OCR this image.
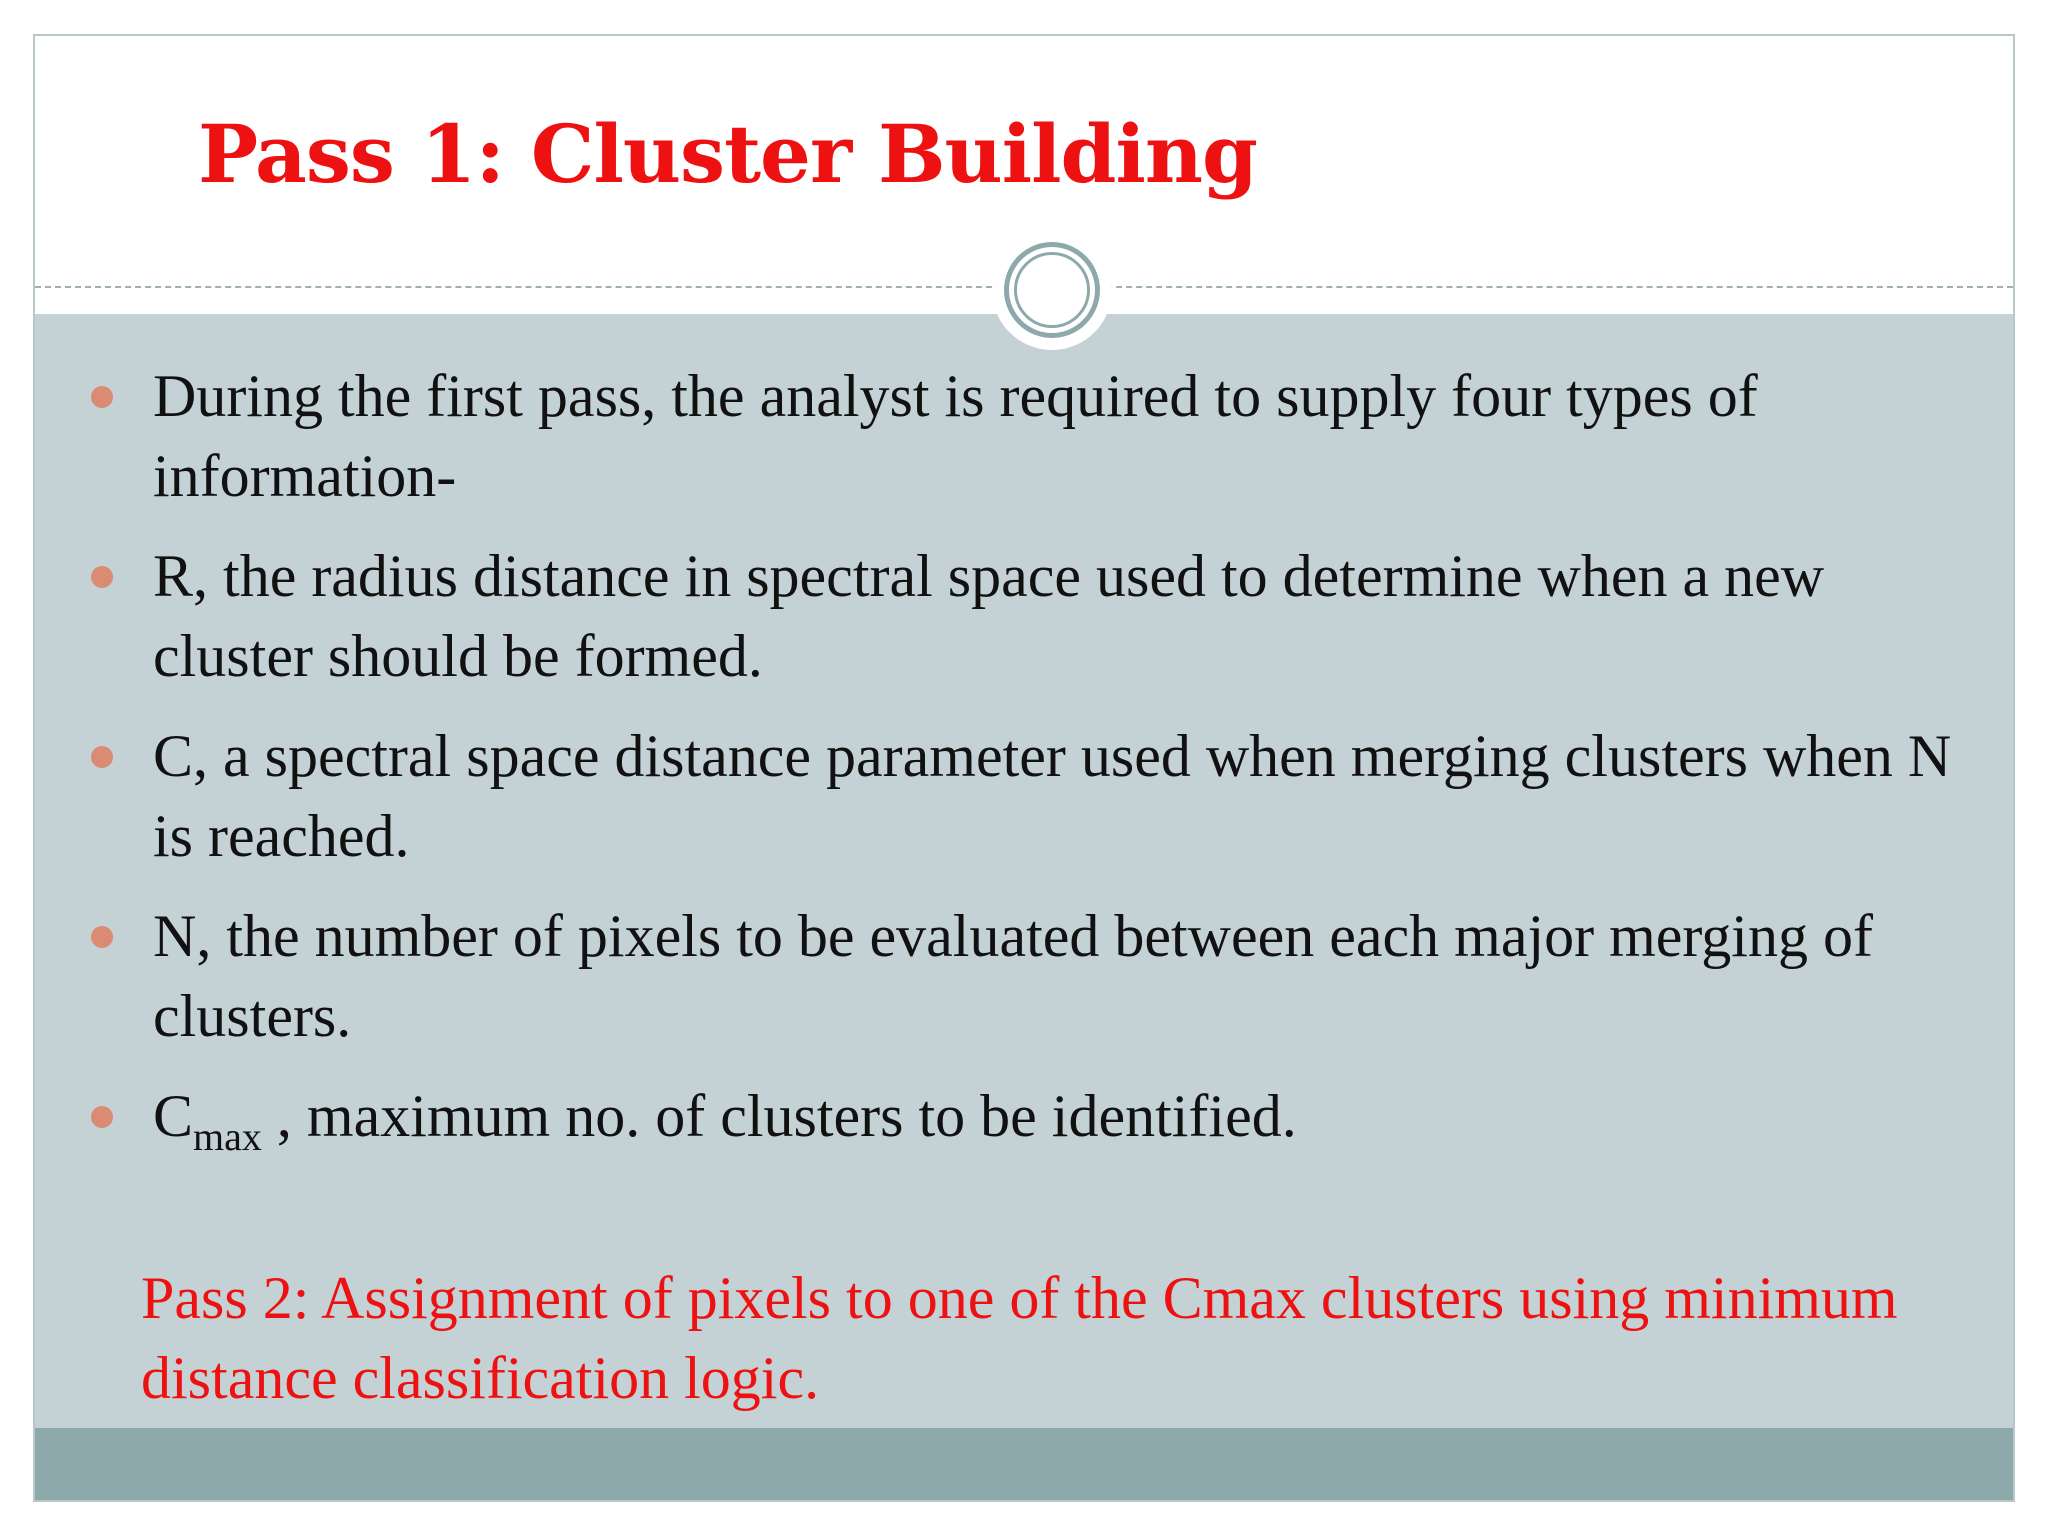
Pass 1: Cluster Building
During the first pass, the analyst is required to supply four types of information-
R, the radius distance in spectral space used to determine when a new cluster should be formed.
C, a spectral space distance parameter used when merging clusters when N is reached.
N, the number of pixels to be evaluated between each major merging of clusters.
$C_{max}$ , maximum no. of clusters to be identified.

Pass 2: Assignment of pixels to one of the Cmax clusters using minimum distance classification logic.
